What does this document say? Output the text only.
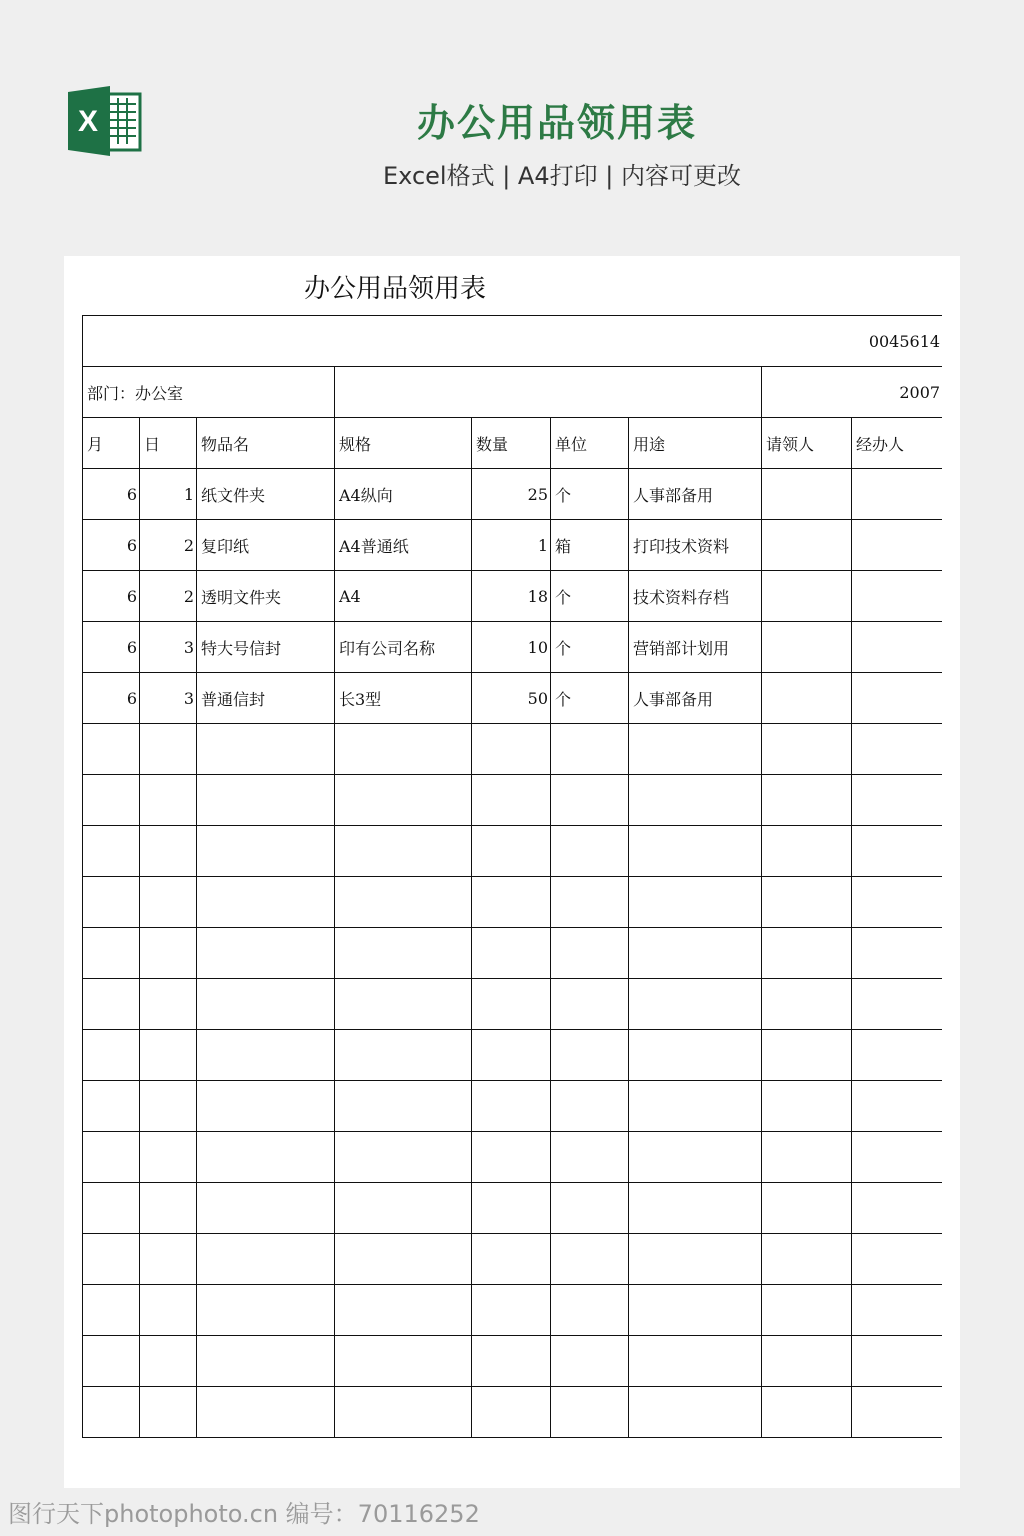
X	办公用品领用表
Excel格式 | A4打印 | 内容可更改
办公用品领用表
0045614								
部门：办公室							2007	
月	日	物品名	规格	数量	单位	用途	请领人	经办人
6	1	纸文件夹	A4纵向	25	个	人事部备用		
6	2	复印纸	A4普通纸	1	箱	打印技术资料		
6	2	透明文件夹	A4	18	个	技术资料存档		
6	3	特大号信封	印有公司名称	10	个	营销部计划用		
6	3	普通信封	长3型	50	个	人事部备用		

图行天下photophoto.cn 编号：70116252
